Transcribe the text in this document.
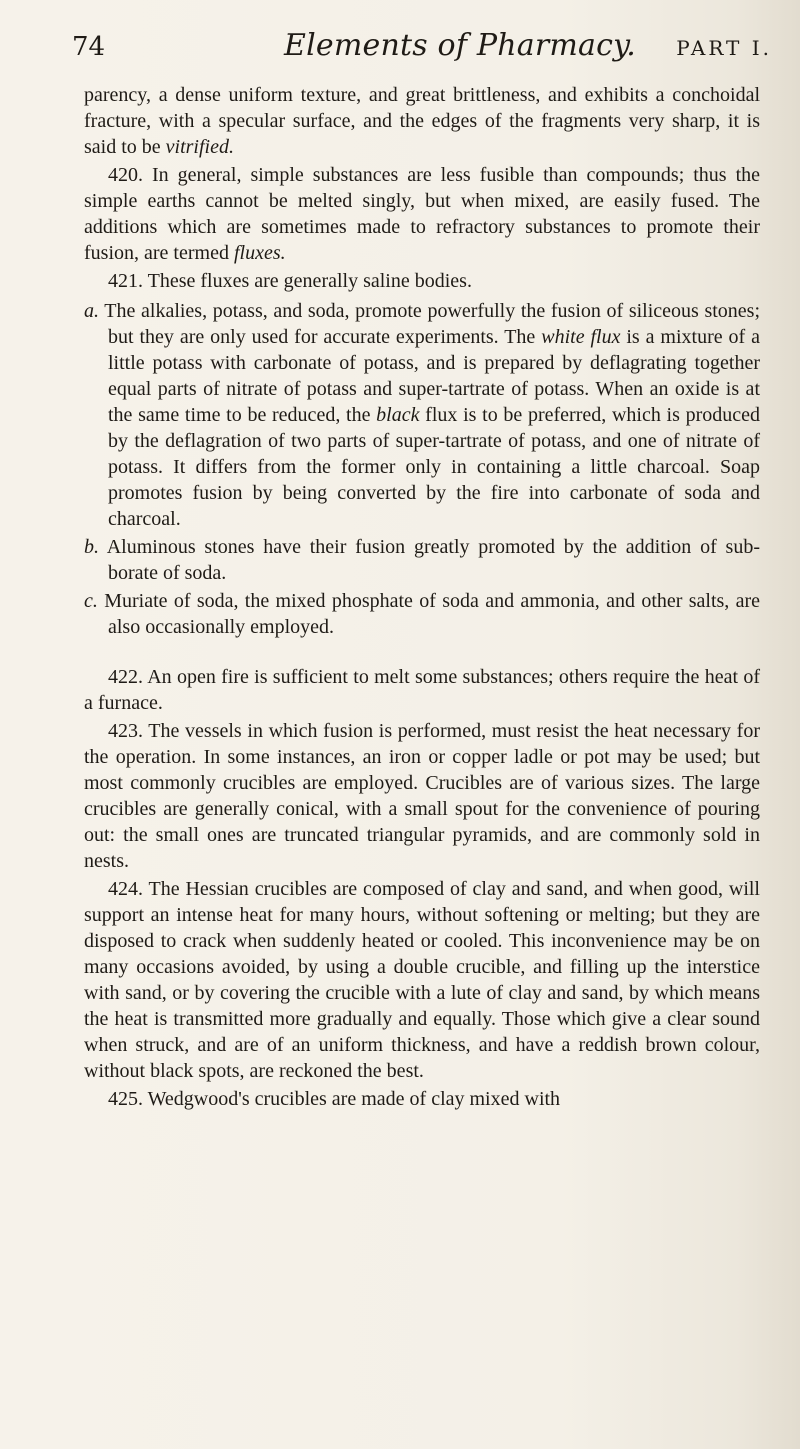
74	Elements of Pharmacy. PART I.

parency, a dense uniform texture, and great brittleness, and exhibits a conchoidal fracture, with a specular surface, and the edges of the fragments very sharp, it is said to be vitrified.

420. In general, simple substances are less fusible than compounds; thus the simple earths cannot be melted singly, but when mixed, are easily fused. The additions which are sometimes made to refractory substances to promote their fusion, are termed fluxes.

421. These fluxes are generally saline bodies.

a. The alkalies, potass, and soda, promote powerfully the fusion of siliceous stones; but they are only used for accurate experiments. The white flux is a mixture of a little potass with carbonate of potass, and is prepared by deflagrating together equal parts of nitrate of potass and super-tartrate of potass. When an oxide is at the same time to be reduced, the black flux is to be preferred, which is produced by the deflagration of two parts of super-tartrate of potass, and one of nitrate of potass. It differs from the former only in containing a little charcoal. Soap promotes fusion by being converted by the fire into carbonate of soda and charcoal.

b. Aluminous stones have their fusion greatly promoted by the addition of sub-borate of soda.

c. Muriate of soda, the mixed phosphate of soda and ammonia, and other salts, are also occasionally employed.

422. An open fire is sufficient to melt some substances; others require the heat of a furnace.

423. The vessels in which fusion is performed, must resist the heat necessary for the operation. In some instances, an iron or copper ladle or pot may be used; but most commonly crucibles are employed. Crucibles are of various sizes. The large crucibles are generally conical, with a small spout for the convenience of pouring out: the small ones are truncated triangular pyramids, and are commonly sold in nests.

424. The Hessian crucibles are composed of clay and sand, and when good, will support an intense heat for many hours, without softening or melting; but they are disposed to crack when suddenly heated or cooled. This inconvenience may be on many occasions avoided, by using a double crucible, and filling up the interstice with sand, or by covering the crucible with a lute of clay and sand, by which means the heat is transmitted more gradually and equally. Those which give a clear sound when struck, and are of an uniform thickness, and have a reddish brown colour, without black spots, are reckoned the best.

425. Wedgwood's crucibles are made of clay mixed with
